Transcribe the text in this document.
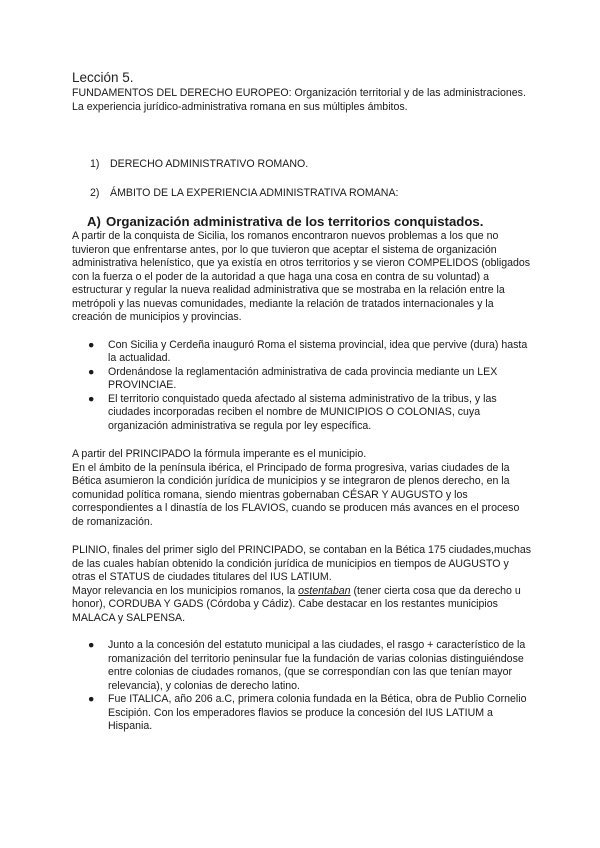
Lección 5.

FUNDAMENTOS DEL DERECHO EUROPEO: Organización territorial y de las administraciones. La experiencia jurídico-administrativa romana en sus múltiples ámbitos.

1) DERECHO ADMINISTRATIVO ROMANO.
2) ÁMBITO DE LA EXPERIENCIA ADMINISTRATIVA ROMANA:
A) Organización administrativa de los territorios conquistados.

A partir de la conquista de Sicilia, los romanos encontraron nuevos problemas a los que no tuvieron que enfrentarse antes, por lo que tuvieron que aceptar el sistema de organización administrativa helenístico, que ya existía en otros territorios y se vieron COMPELIDOS (obligados con la fuerza o el poder de la autoridad a que haga una cosa en contra de su voluntad) a estructurar y regular la nueva realidad administrativa que se mostraba en la relación entre la metrópoli y las nuevas comunidades, mediante la relación de tratados internacionales y la creación de municipios y provincias.

● Con Sicilia y Cerdeña inauguró Roma el sistema provincial, idea que pervive (dura) hasta la actualidad.
● Ordenándose la reglamentación administrativa de cada provincia mediante un LEX PROVINCIAE.
● El territorio conquistado queda afectado al sistema administrativo de la tribus, y las ciudades incorporadas reciben el nombre de MUNICIPIOS O COLONIAS, cuya organización administrativa se regula por ley específica.

A partir del PRINCIPADO la fórmula imperante es el municipio.

En el ámbito de la península ibérica, el Principado de forma progresiva, varias ciudades de la Bética asumieron la condición jurídica de municipios y se integraron de plenos derecho, en la comunidad política romana, siendo mientras gobernaban CÉSAR Y AUGUSTO y los correspondientes a l dinastía de los FLAVIOS, cuando se producen más avances en el proceso de romanización.

PLINIO, finales del primer siglo del PRINCIPADO, se contaban en la Bética 175 ciudades,muchas de las cuales habían obtenido la condición jurídica de municipios en tiempos de AUGUSTO y otras el STATUS de ciudades titulares del IUS LATIUM.

Mayor relevancia en los municipios romanos, la ostentaban (tener cierta cosa que da derecho u honor), CORDUBA Y GADS (Córdoba y Cádiz). Cabe destacar en los restantes municipios MALACA y SALPENSA.

● Junto a la concesión del estatuto municipal a las ciudades, el rasgo + característico de la romanización del territorio peninsular fue la fundación de varias colonias distinguiéndose entre colonias de ciudades romanos, (que se correspondían con las que tenían mayor relevancia), y colonias de derecho latino.
● Fue ITALICA, año 206 a.C, primera colonia fundada en la Bética, obra de Publio Cornelio Escipión. Con los emperadores flavios se produce la concesión del IUS LATIUM a Hispania.
